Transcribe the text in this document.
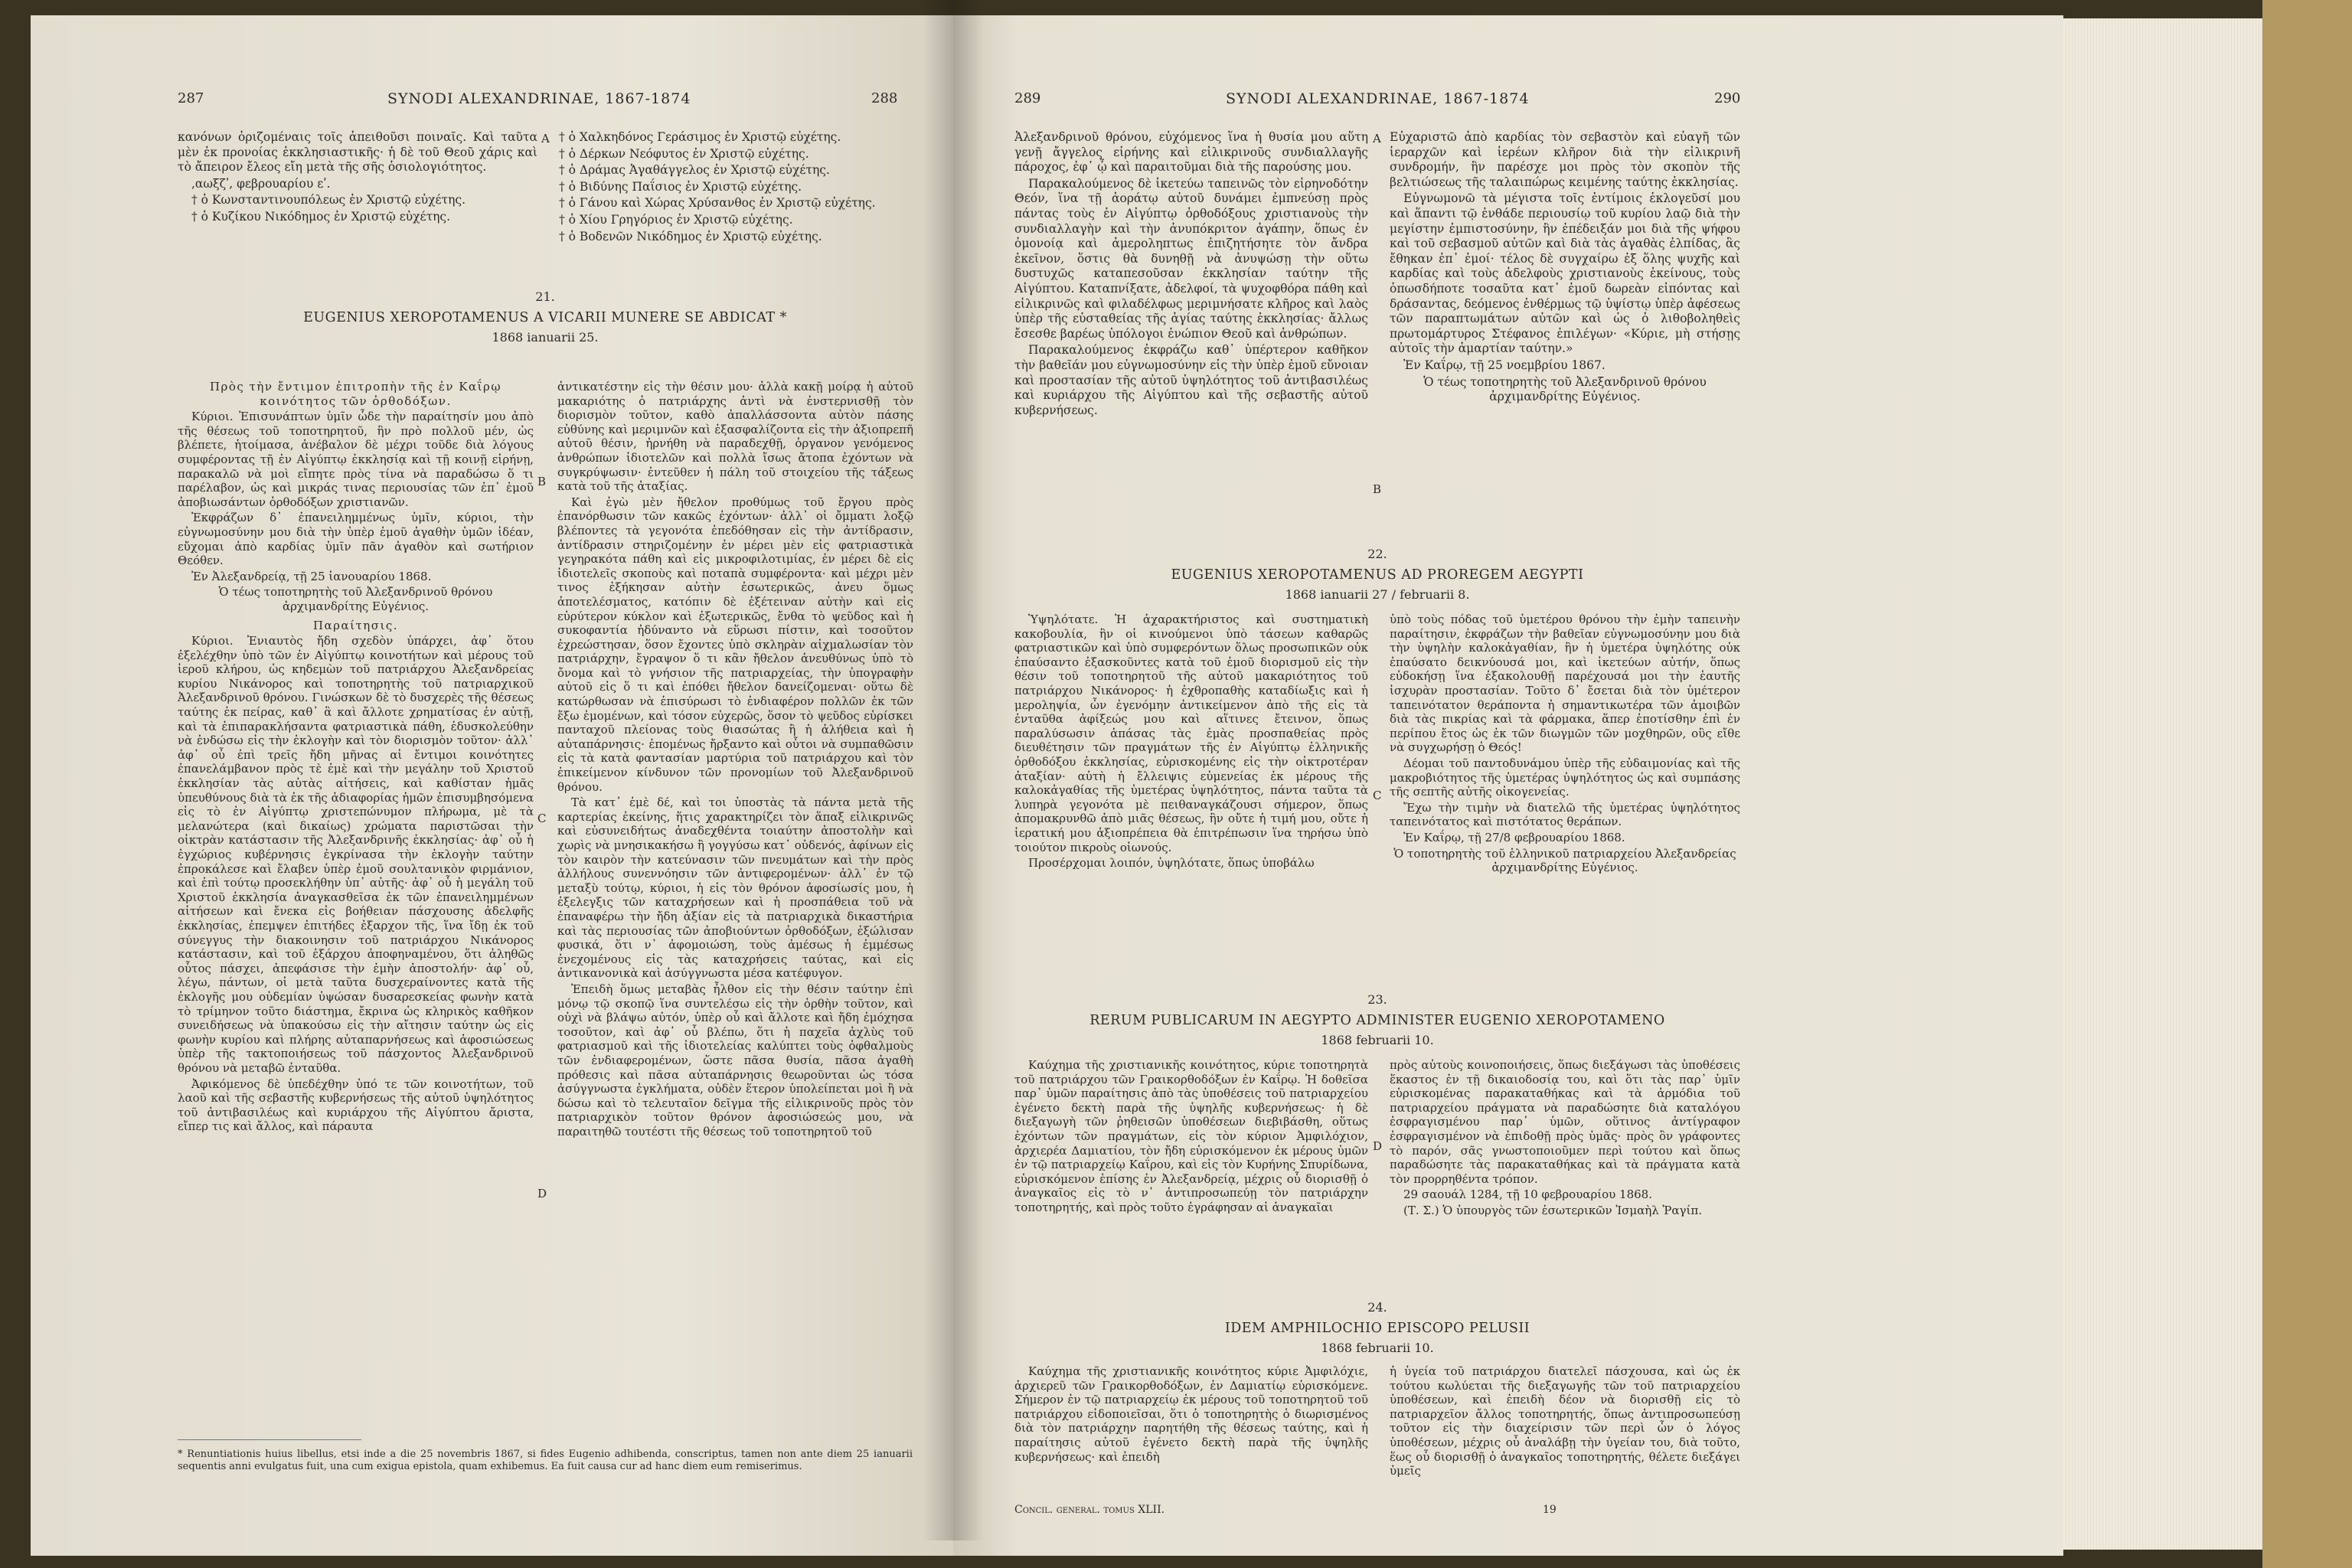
287	SYNODI ALEXANDRINAE, 1867-1874	288

κανόνων ὁριζομέναις τοῖς ἀπειθοῦσι ποιναῖς. Καὶ ταῦτα μὲν ἐκ προνοίας ἐκκλησιαστικῆς· ἡ δὲ τοῦ Θεοῦ χάρις καὶ τὸ ἄπειρον ἔλεος εἴη μετὰ τῆς σῆς ὁσιολογιότητος.

,αωξζʹ, φεβρουαρίου εʹ.

† ὁ Κωνσταντινουπόλεως ἐν Χριστῷ εὐχέτης.

† ὁ Κυζίκου Νικόδημος ἐν Χριστῷ εὐχέτης.

A † ὁ Χαλκηδόνος Γεράσιμος ἐν Χριστῷ εὐχέτης.

† ὁ Δέρκων Νεόφυτος ἐν Χριστῷ εὐχέτης.

† ὁ Δράμας Ἀγαθάγγελος ἐν Χριστῷ εὐχέτης.

† ὁ Βιδύνης Παΐσιος ἐν Χριστῷ εὐχέτης.

† ὁ Γάνου καὶ Χώρας Χρύσανθος ἐν Χριστῷ εὐχέτης.

† ὁ Χίου Γρηγόριος ἐν Χριστῷ εὐχέτης.

† ὁ Βοδενῶν Νικόδημος ἐν Χριστῷ εὐχέτης.

21.
EUGENIUS XEROPOTAMENUS A VICARII MUNERE SE ABDICAT *
1868 ianuarii 25.

Πρὸς τὴν ἔντιμον ἐπιτροπὴν τῆς ἐν Καΐρῳ κοινότητος τῶν ὀρθοδόξων.

Κύριοι. Ἐπισυνάπτων ὑμῖν ὧδε τὴν παραίτησίν μου ἀπὸ τῆς θέσεως τοῦ τοποτηρητοῦ, ἣν πρὸ πολλοῦ μέν, ὡς βλέπετε, ἡτοίμασα, ἀνέβαλον δὲ μέχρι τοῦδε διὰ λόγους συμφέροντας τῇ ἐν Αἰγύπτῳ ἐκκλησίᾳ καὶ τῇ κοινῇ εἰρήνῃ, παρακαλῶ νὰ μοὶ εἴπητε πρὸς τίνα νὰ παραδώσω ὅ τι παρέλαβον, ὡς καὶ μικράς τινας περιουσίας τῶν ἐπ᾽ ἐμοῦ ἀποβιωσάντων ὀρθοδόξων χριστιανῶν.

Ἐκφράζων δ᾽ ἐπανειλημμένως ὑμῖν, κύριοι, τὴν εὐγνωμοσύνην μου διὰ τὴν ὑπὲρ ἐμοῦ ἀγαθὴν ὑμῶν ἰδέαν, εὔχομαι ἀπὸ καρδίας ὑμῖν πᾶν ἀγαθὸν καὶ σωτήριον Θεόθεν.

Ἐν Ἀλεξανδρείᾳ, τῇ 25 ἰανουαρίου 1868.

Ὁ τέως τοποτηρητὴς τοῦ Ἀλεξανδρινοῦ θρόνου ἀρχιμανδρίτης Εὐγένιος.

Παραίτησις.

Κύριοι. Ἐνιαυτὸς ἤδη σχεδὸν ὑπάρχει, ἀφ᾽ ὅτου ἐξελέχθην ὑπὸ τῶν ἐν Αἰγύπτῳ κοινοτήτων καὶ μέρους τοῦ ἱεροῦ κλήρου, ὡς κηδεμὼν τοῦ πατριάρχου Ἀλεξανδρείας κυρίου Νικάνορος καὶ τοποτηρητὴς τοῦ πατριαρχικοῦ Ἀλεξανδρινοῦ θρόνου. Γινώσκων δὲ τὸ δυσχερὲς τῆς θέσεως ταύτης ἐκ πείρας, καθ᾽ ἃ καὶ ἄλλοτε χρηματίσας ἐν αὐτῇ, καὶ τὰ ἐπιπαρακλήσαντα φατριαστικὰ πάθη, ἐδυσκολεύθην νὰ ἐνδώσω εἰς τὴν ἐκλογὴν καὶ τὸν διορισμὸν τοῦτον· ἀλλ᾽ ἀφ᾽ οὗ ἐπὶ τρεῖς ἤδη μῆνας αἱ ἔντιμοι κοινότητες ἐπανελάμβανον πρὸς τὲ ἐμὲ καὶ τὴν μεγάλην τοῦ Χριστοῦ ἐκκλησίαν τὰς αὐτὰς αἰτήσεις, καὶ καθίσταν ἡμᾶς ὑπευθύνους διὰ τὰ ἐκ τῆς ἀδιαφορίας ἡμῶν ἐπισυμβησόμενα εἰς τὸ ἐν Αἰγύπτῳ χριστεπώνυμον πλήρωμα, μὲ τὰ μελανώτερα (καὶ δικαίως) χρώματα παριστῶσαι τὴν οἰκτρὰν κατάστασιν τῆς Ἀλεξανδρινῆς ἐκκλησίας· ἀφ᾽ οὗ ἡ ἐγχώριος κυβέρνησις ἐγκρίνασα τὴν ἐκλογὴν ταύτην ἐπροκάλεσε καὶ ἔλαβεν ὑπὲρ ἐμοῦ σουλτανικὸν φιρμάνιον, καὶ ἐπὶ τούτῳ προσεκλήθην ὑπ᾽ αὐτῆς· ἀφ᾽ οὗ ἡ μεγάλη τοῦ Χριστοῦ ἐκκλησία ἀναγκασθεῖσα ἐκ τῶν ἐπανειλημμένων αἰτήσεων καὶ ἔνεκα εἰς βοήθειαν πάσχουσης ἀδελφῆς ἐκκλησίας, ἐπεμψεν ἐπιτήδες ἐξαρχον τῆς, ἵνα ἴδῃ ἐκ τοῦ σύνεγγυς τὴν διακοινησιν τοῦ πατριάρχου Νικάνορος κατάστασιν, καὶ τοῦ ἐξάρχου ἀποφηναμένου, ὅτι ἀληθῶς οὗτος πάσχει, ἀπεφάσισε τὴν ἐμὴν ἀποστολήν· ἀφ᾽ οὗ, λέγω, πάντων, οἱ μετὰ ταῦτα δυσχεραίνοντες κατὰ τῆς ἐκλογῆς μου οὐδεμίαν ὑψώσαν δυσαρεσκείας φωνὴν κατὰ τὸ τρίμηνον τοῦτο διάστημα, ἔκρινα ὡς κληρικὸς καθῆκον συνειδήσεως νὰ ὑπακούσω εἰς τὴν αἴτησιν ταύτην ὡς εἰς φωνὴν κυρίου καὶ πλήρης αὐταπαρνήσεως καὶ ἀφοσιώσεως ὑπὲρ τῆς τακτοποιήσεως τοῦ πάσχοντος Ἀλεξανδρινοῦ θρόνου νὰ μεταβῶ ἐνταῦθα.

Ἀφικόμενος δὲ ὑπεδέχθην ὑπό τε τῶν κοινοτήτων, τοῦ λαοῦ καὶ τῆς σεβαστῆς κυβερνήσεως τῆς αὐτοῦ ὑψηλότητος τοῦ ἀντιβασιλέως καὶ κυριάρχου τῆς Αἰγύπτου ἄριστα, εἴπερ τις καὶ ἄλλος, καὶ πάραυτα

B
C
D

ἀντικατέστην εἰς τὴν θέσιν μου· ἀλλὰ κακῇ μοίρᾳ ἡ αὐτοῦ μακαριότης ὁ πατριάρχης ἀντὶ νὰ ἐνστερνισθῇ τὸν διορισμὸν τοῦτον, καθὸ ἀπαλλάσσοντα αὐτὸν πάσης εὐθύνης καὶ μεριμνῶν καὶ ἐξασφαλίζοντα εἰς τὴν ἀξιοπρεπῆ αὐτοῦ θέσιν, ἠρνήθη νὰ παραδεχθῇ, ὀργανον γενόμενος ἀνθρώπων ἰδιοτελῶν καὶ πολλὰ ἴσως ἄτοπα ἐχόντων νὰ συγκρύψωσιν· ἐντεῦθεν ἡ πάλη τοῦ στοιχείου τῆς τάξεως κατὰ τοῦ τῆς ἀταξίας.

Καὶ ἐγὼ μὲν ἤθελον προθύμως τοῦ ἔργου πρὸς ἐπανόρθωσιν τῶν κακῶς ἐχόντων· ἀλλ᾽ οἱ ὄμματι λοξῷ βλέποντες τὰ γεγονότα ἐπεδόθησαν εἰς τὴν ἀντίδρασιν, ἀντίδρασιν στηριζομένην ἐν μέρει μὲν εἰς φατριαστικὰ γεγηρακότα πάθη καὶ εἰς μικροφιλοτιμίας, ἐν μέρει δὲ εἰς ἰδιοτελεῖς σκοποὺς καὶ ποταπὰ συμφέροντα· καὶ μέχρι μὲν τινος ἐξήκησαν αὐτὴν ἐσωτερικῶς, ἀνευ ὅμως ἀποτελέσματος, κατόπιν δὲ ἐξέτειναν αὐτὴν καὶ εἰς εὐρύτερον κύκλον καὶ ἐξωτερικῶς, ἔνθα τὸ ψεῦδος καὶ ἡ συκοφαντία ἠδύναντο νὰ εὕρωσι πίστιν, καὶ τοσοῦτον ἐχρεώστησαν, ὅσον ἔχοντες ὑπὸ σκληρὰν αἰχμαλωσίαν τὸν πατριάρχην, ἔγραψον ὅ τι κἂν ἤθελον ἀνευθύνως ὑπὸ τὸ ὄνομα καὶ τὸ γνήσιον τῆς πατριαρχείας, τὴν ὑπογραφὴν αὐτοῦ εἰς ὅ τι καὶ ἐπόθει ἤθελον δανείζομεναι· οὕτω δὲ κατώρθωσαν νὰ ἐπισύρωσι τὸ ἐνδιαφέρον πολλῶν ἐκ τῶν ἔξω ἐμομένων, καὶ τόσον εὐχερῶς, ὅσον τὸ ψεῦδος εὑρίσκει πανταχοῦ πλείονας τοὺς θιασώτας ἢ ἡ ἀλήθεια καὶ ἡ αὐταπάρνησις· ἐπομένως ἤρξαντο καὶ οὗτοι νὰ συμπαθῶσιν εἰς τὰ κατὰ φαντασίαν μαρτύρια τοῦ πατριάρχου καὶ τὸν ἐπικείμενον κίνδυνον τῶν προνομίων τοῦ Ἀλεξανδρινοῦ θρόνου.

Τὰ κατ᾽ ἐμὲ δέ, καὶ τοι ὑποστὰς τὰ πάντα μετὰ τῆς καρτερίας ἐκείνης, ἥτις χαρακτηρίζει τὸν ἅπαξ εἰλικρινῶς καὶ εὐσυνειδήτως ἀναδεχθέντα τοιαύτην ἀποστολὴν καὶ χωρὶς νὰ μνησικακήσω ἢ γογγύσω κατ᾽ οὐδενός, ἀφίνων εἰς τὸν καιρὸν τὴν κατεύνασιν τῶν πνευμάτων καὶ τὴν πρὸς ἀλλήλους συνεννόησιν τῶν ἀντιφερομένων· ἀλλ᾽ ἐν τῷ μεταξὺ τούτῳ, κύριοι, ἡ εἰς τὸν θρόνον ἀφοσίωσίς μου, ἡ ἐξελεγξις τῶν καταχρήσεων καὶ ἡ προσπάθεια τοῦ νὰ ἐπαναφέρω τὴν ἤδη ἀξίαν εἰς τὰ πατριαρχικὰ δικαστήρια καὶ τὰς περιουσίας τῶν ἀποβιούντων ὀρθοδόξων, ἐξώλισαν φυσικά, ὅτι ν᾽ ἀφομοιώση, τοὺς ἀμέσως ἡ ἐμμέσως ἐνεχομένους εἰς τὰς καταχρήσεις ταύτας, καὶ εἰς ἀντικανονικὰ καὶ ἀσύγγνωστα μέσα κατέφυγον.

Ἐπειδὴ ὅμως μεταβὰς ἦλθον εἰς τὴν θέσιν ταύτην ἐπὶ μόνῳ τῷ σκοπῷ ἵνα συντελέσω εἰς τὴν ὁρθὴν τοῦτον, καὶ οὐχὶ νὰ βλάψω αὐτόν, ὑπὲρ οὗ καὶ ἄλλοτε καὶ ἤδη ἐμόχησα τοσοῦτον, καὶ ἀφ᾽ οὗ βλέπω, ὅτι ἡ παχεῖα ἀχλὺς τοῦ φατριασμοῦ καὶ τῆς ἰδιοτελείας καλύπτει τοὺς ὀφθαλμοὺς τῶν ἐνδιαφερομένων, ὥστε πᾶσα θυσία, πᾶσα ἀγαθὴ πρόθεσις καὶ πᾶσα αὐταπάρνησις θεωροῦνται ὡς τόσα ἀσύγγνωστα ἐγκλήματα, οὐδὲν ἕτερον ὑπολείπεται μοὶ ἢ νὰ δώσω καὶ τὸ τελευταῖον δεῖγμα τῆς εἰλικρινοῦς πρὸς τὸν πατριαρχικὸν τοῦτον θρόνον ἀφοσιώσεώς μου, νὰ παραιτηθῶ τουτέστι τῆς θέσεως τοῦ τοποτηρητοῦ τοῦ

* Renuntiationis huius libellus, etsi inde a die 25 novembris 1867, si fides Eugenio adhibenda, conscriptus, tamen non ante diem 25 ianuarii sequentis anni evulgatus fuit, una cum exigua epistola, quam exhibemus. Ea fuit causa cur ad hanc diem eum remiserimus.
289	SYNODI ALEXANDRINAE, 1867-1874	290

Ἀλεξανδρινοῦ θρόνου, εὐχόμενος ἵνα ἡ θυσία μου αὕτη γενῇ ἄγγελος εἰρήνης καὶ εἰλικρινοῦς συνδιαλλαγῆς πάροχος, ἐφ᾽ ᾧ καὶ παραιτοῦμαι διὰ τῆς παρούσης μου.

Παρακαλούμενος δὲ ἱκετεύω ταπεινῶς τὸν εἰρηνοδότην Θεόν, ἵνα τῇ ἀοράτῳ αὐτοῦ δυνάμει ἐμπνεύσῃ πρὸς πάντας τοὺς ἐν Αἰγύπτῳ ὀρθοδόξους χριστιανοὺς τὴν συνδιαλλαγὴν καὶ τὴν ἀνυπόκριτον ἀγάπην, ὅπως ἐν ὁμονοίᾳ καὶ ἀμεροληπτως ἐπιζητήσητε τὸν ἄνδρα ἐκεῖνον, ὅστις θὰ δυνηθῇ νὰ ἀνυψώσῃ τὴν οὕτω δυστυχῶς καταπεσοῦσαν ἐκκλησίαν ταύτην τῆς Αἰγύπτου. Καταπνίξατε, ἀδελφοί, τὰ ψυχοφθόρα πάθη καὶ εἰλικρινῶς καὶ φιλαδέλφως μεριμνήσατε κλῆρος καὶ λαὸς ὑπὲρ τῆς εὐσταθείας τῆς ἁγίας ταύτης ἐκκλησίας· ἄλλως ἔσεσθε βαρέως ὑπόλογοι ἐνώπιον Θεοῦ καὶ ἀνθρώπων.

Παρακαλούμενος ἐκφράζω καθ᾽ ὑπέρτερον καθῆκον τὴν βαθεῖάν μου εὐγνωμοσύνην εἰς τὴν ὑπὲρ ἐμοῦ εὔνοιαν καὶ προστασίαν τῆς αὐτοῦ ὑψηλότητος τοῦ ἀντιβασιλέως καὶ κυριάρχου τῆς Αἰγύπτου καὶ τῆς σεβαστῆς αὐτοῦ κυβερνήσεως.

A
B

Εὐχαριστῶ ἀπὸ καρδίας τὸν σεβαστὸν καὶ εὐαγῆ τῶν ἱεραρχῶν καὶ ἱερέων κλῆρον διὰ τὴν εἰλικρινῆ συνδρομήν, ἣν παρέσχε μοι πρὸς τὸν σκοπὸν τῆς βελτιώσεως τῆς ταλαιπώρως κειμένης ταύτης ἐκκλησίας.

Εὐγνωμονῶ τὰ μέγιστα τοῖς ἐντίμοις ἐκλογεῦσί μου καὶ ἅπαντι τῷ ἐνθάδε περιουσίῳ τοῦ κυρίου λαῷ διὰ τὴν μεγίστην ἐμπιστοσύνην, ἣν ἐπέδειξάν μοι διὰ τῆς ψήφου καὶ τοῦ σεβασμοῦ αὐτῶν καὶ διὰ τὰς ἀγαθὰς ἐλπίδας, ἃς ἔθηκαν ἐπ᾽ ἐμοί· τέλος δὲ συγχαίρω ἐξ ὅλης ψυχῆς καὶ καρδίας καὶ τοὺς ἀδελφοὺς χριστιανοὺς ἐκείνους, τοὺς ὁπωσδήποτε τοσαῦτα κατ᾽ ἐμοῦ δωρεὰν εἰπόντας καὶ δράσαντας, δεόμενος ἐνθέρμως τῷ ὑψίστῳ ὑπὲρ ἀφέσεως τῶν παραπτωμάτων αὐτῶν καὶ ὡς ὁ λιθοβοληθεὶς πρωτομάρτυρος Στέφανος ἐπιλέγων· «Κύριε, μὴ στήσῃς αὐτοῖς τὴν ἁμαρτίαν ταύτην.»

Ἐν Καΐρῳ, τῇ 25 νοεμβρίου 1867.

Ὁ τέως τοποτηρητὴς τοῦ Ἀλεξανδρινοῦ θρόνου ἀρχιμανδρίτης Εὐγένιος.

22.
EUGENIUS XEROPOTAMENUS AD PROREGEM AEGYPTI
1868 ianuarii 27 / februarii 8.

Ὑψηλότατε. Ἡ ἀχαρακτήριστος καὶ συστηματικὴ κακοβουλία, ἣν οἱ κινούμενοι ὑπὸ τάσεων καθαρῶς φατριαστικῶν καὶ ὑπὸ συμφερόντων ὅλως προσωπικῶν οὐκ ἐπαύσαντο ἐξασκοῦντες κατὰ τοῦ ἐμοῦ διορισμοῦ εἰς τὴν θέσιν τοῦ τοποτηρητοῦ τῆς αὐτοῦ μακαριότητος τοῦ πατριάρχου Νικάνορος· ἡ ἐχθροπαθὴς καταδίωξις καὶ ἡ μεροληψία, ὧν ἐγενόμην ἀντικείμενον ἀπὸ τῆς εἰς τὰ ἐνταῦθα ἀφίξεώς μου καὶ αἵτινες ἔτεινον, ὅπως παραλύσωσιν ἁπάσας τὰς ἐμὰς προσπαθείας πρὸς διευθέτησιν τῶν πραγμάτων τῆς ἐν Αἰγύπτῳ ἑλληνικῆς ὀρθοδόξου ἐκκλησίας, εὑρισκομένης εἰς τὴν οἰκτροτέραν ἀταξίαν· αὐτὴ ἡ ἔλλειψις εὐμενείας ἐκ μέρους τῆς καλοκἀγαθίας τῆς ὑμετέρας ὑψηλότητος, πάντα ταῦτα τὰ λυπηρὰ γεγονότα μὲ πειθαναγκάζουσι σήμερον, ὅπως ἀπομακρυνθῶ ἀπὸ μιᾶς θέσεως, ἣν οὔτε ἡ τιμή μου, οὔτε ἡ ἱερατική μου ἀξιοπρέπεια θὰ ἐπιτρέπωσιν ἵνα τηρήσω ὑπὸ τοιούτον πικροὺς οἰωνούς.

Προσέρχομαι λοιπόν, ὑψηλότατε, ὅπως ὑποβάλω

C

ὑπὸ τοὺς πόδας τοῦ ὑμετέρου θρόνου τὴν ἐμὴν ταπεινὴν παραίτησιν, ἐκφράζων τὴν βαθεῖαν εὐγνωμοσύνην μου διὰ τὴν ὑψηλὴν καλοκἀγαθίαν, ἣν ἡ ὑμετέρα ὑψηλότης οὐκ ἐπαύσατο δεικνύουσά μοι, καὶ ἱκετεύων αὐτήν, ὅπως εὐδοκήσῃ ἵνα ἐξακολουθῇ παρέχουσά μοι τὴν ἑαυτῆς ἰσχυρὰν προστασίαν. Τοῦτο δ᾽ ἔσεται διὰ τὸν ὑμέτερον ταπεινότατον θεράποντα ἡ σημαντικωτέρα τῶν ἀμοιβῶν διὰ τὰς πικρίας καὶ τὰ φάρμακα, ἅπερ ἐποτίσθην ἐπὶ ἐν περίπου ἔτος ὡς ἐκ τῶν διωγμῶν τῶν μοχθηρῶν, οὓς εἴθε νὰ συγχωρήσῃ ὁ Θεός!

Δέομαι τοῦ παντοδυνάμου ὑπὲρ τῆς εὐδαιμονίας καὶ τῆς μακροβιότητος τῆς ὑμετέρας ὑψηλότητος ὡς καὶ συμπάσης τῆς σεπτῆς αὐτῆς οἰκογενείας.

Ἔχω τὴν τιμὴν νὰ διατελῶ τῆς ὑμετέρας ὑψηλότητος ταπεινότατος καὶ πιστότατος θεράπων.

Ἐν Καΐρῳ, τῇ 27/8 φεβρουαρίου 1868.

Ὁ τοποτηρητὴς τοῦ ἑλληνικοῦ πατριαρχείου Ἀλεξανδρείας ἀρχιμανδρίτης Εὐγένιος.

23.
RERUM PUBLICARUM IN AEGYPTO ADMINISTER EUGENIO XEROPOTAMENO
1868 februarii 10.

Καύχημα τῆς χριστιανικῆς κοινότητος, κύριε τοποτηρητὰ τοῦ πατριάρχου τῶν Γραικορθοδόξων ἐν Καΐρῳ. Ἡ δοθεῖσα παρ᾽ ὑμῶν παραίτησις ἀπὸ τὰς ὑποθέσεις τοῦ πατριαρχείου ἐγένετο δεκτὴ παρὰ τῆς ὑψηλῆς κυβερνήσεως· ἡ δὲ διεξαγωγὴ τῶν ῥηθεισῶν ὑποθέσεων διεβιβάσθη, οὕτως ἐχόντων τῶν πραγμάτων, εἰς τὸν κύριον Ἀμφιλόχιον, ἀρχιερέα Δαμιατίου, τὸν ἤδη εὑρισκόμενον ἐκ μέρους ὑμῶν ἐν τῷ πατριαρχείῳ Καΐρου, καὶ εἰς τὸν Κυρήνης Σπυρίδωνα, εὑρισκόμενον ἐπίσης ἐν Ἀλεξανδρείᾳ, μέχρις οὗ διορισθῇ ὁ ἀναγκαῖος εἰς τὸ ν᾽ ἀντιπροσωπεύῃ τὸν πατριάρχην τοποτηρητής, καὶ πρὸς τοῦτο ἐγράφησαν αἱ ἀναγκαῖαι

D

πρὸς αὐτοὺς κοινοποιήσεις, ὅπως διεξάγωσι τὰς ὑποθέσεις ἕκαστος ἐν τῇ δικαιοδοσίᾳ του, καὶ ὅτι τὰς παρ᾽ ὑμῖν εὑρισκομένας παρακαταθήκας καὶ τὰ ἀρμόδια τοῦ πατριαρχείου πράγματα νὰ παραδώσητε διὰ καταλόγου ἐσφραγισμένου παρ᾽ ὑμῶν, οὕτινος ἀντίγραφον ἐσφραγισμένον νὰ ἐπιδοθῇ πρὸς ὑμᾶς· πρὸς ὃν γράφοντες τὸ παρόν, σᾶς γνωστοποιοῦμεν περὶ τούτου καὶ ὅπως παραδώσητε τὰς παρακαταθήκας καὶ τὰ πράγματα κατὰ τὸν προρρηθέντα τρόπον.

29 σαουάλ 1284, τῇ 10 φεβρουαρίου 1868.

(Τ. Σ.) Ὁ ὑπουργὸς τῶν ἐσωτερικῶν Ἰσμαὴλ Ῥαγίπ.

24.
IDEM AMPHILOCHIO EPISCOPO PELUSII
1868 februarii 10.

Καύχημα τῆς χριστιανικῆς κοινότητος κύριε Ἀμφιλόχιε, ἀρχιερεῦ τῶν Γραικορθοδόξων, ἐν Δαμιατίῳ εὑρισκόμενε. Σήμερον ἐν τῷ πατριαρχείῳ ἐκ μέρους τοῦ τοποτηρητοῦ τοῦ πατριάρχου εἰδοποιεῖσαι, ὅτι ὁ τοποτηρητὴς ὁ διωρισμένος διὰ τὸν πατριάρχην παρητήθη τῆς θέσεως ταύτης, καὶ ἡ παραίτησις αὐτοῦ ἐγένετο δεκτὴ παρὰ τῆς ὑψηλῆς κυβερνήσεως· καὶ ἐπειδὴ

ἡ ὑγεία τοῦ πατριάρχου διατελεῖ πάσχουσα, καὶ ὡς ἐκ τούτου κωλύεται τῆς διεξαγωγῆς τῶν τοῦ πατριαρχείου ὑποθέσεων, καὶ ἐπειδὴ δέον νὰ διορισθῇ εἰς τὸ πατριαρχεῖον ἄλλος τοποτηρητής, ὅπως ἀντιπροσωπεύσῃ τοῦτον εἰς τὴν διαχείρισιν τῶν περὶ ὧν ὁ λόγος ὑποθέσεων, μέχρις οὗ ἀναλάβῃ τὴν ὑγείαν του, διὰ τοῦτο, ἕως οὗ διορισθῇ ὁ ἀναγκαῖος τοποτηρητής, θέλετε διεξάγει ὑμεῖς

Concil. general. tomus XLII.	19
